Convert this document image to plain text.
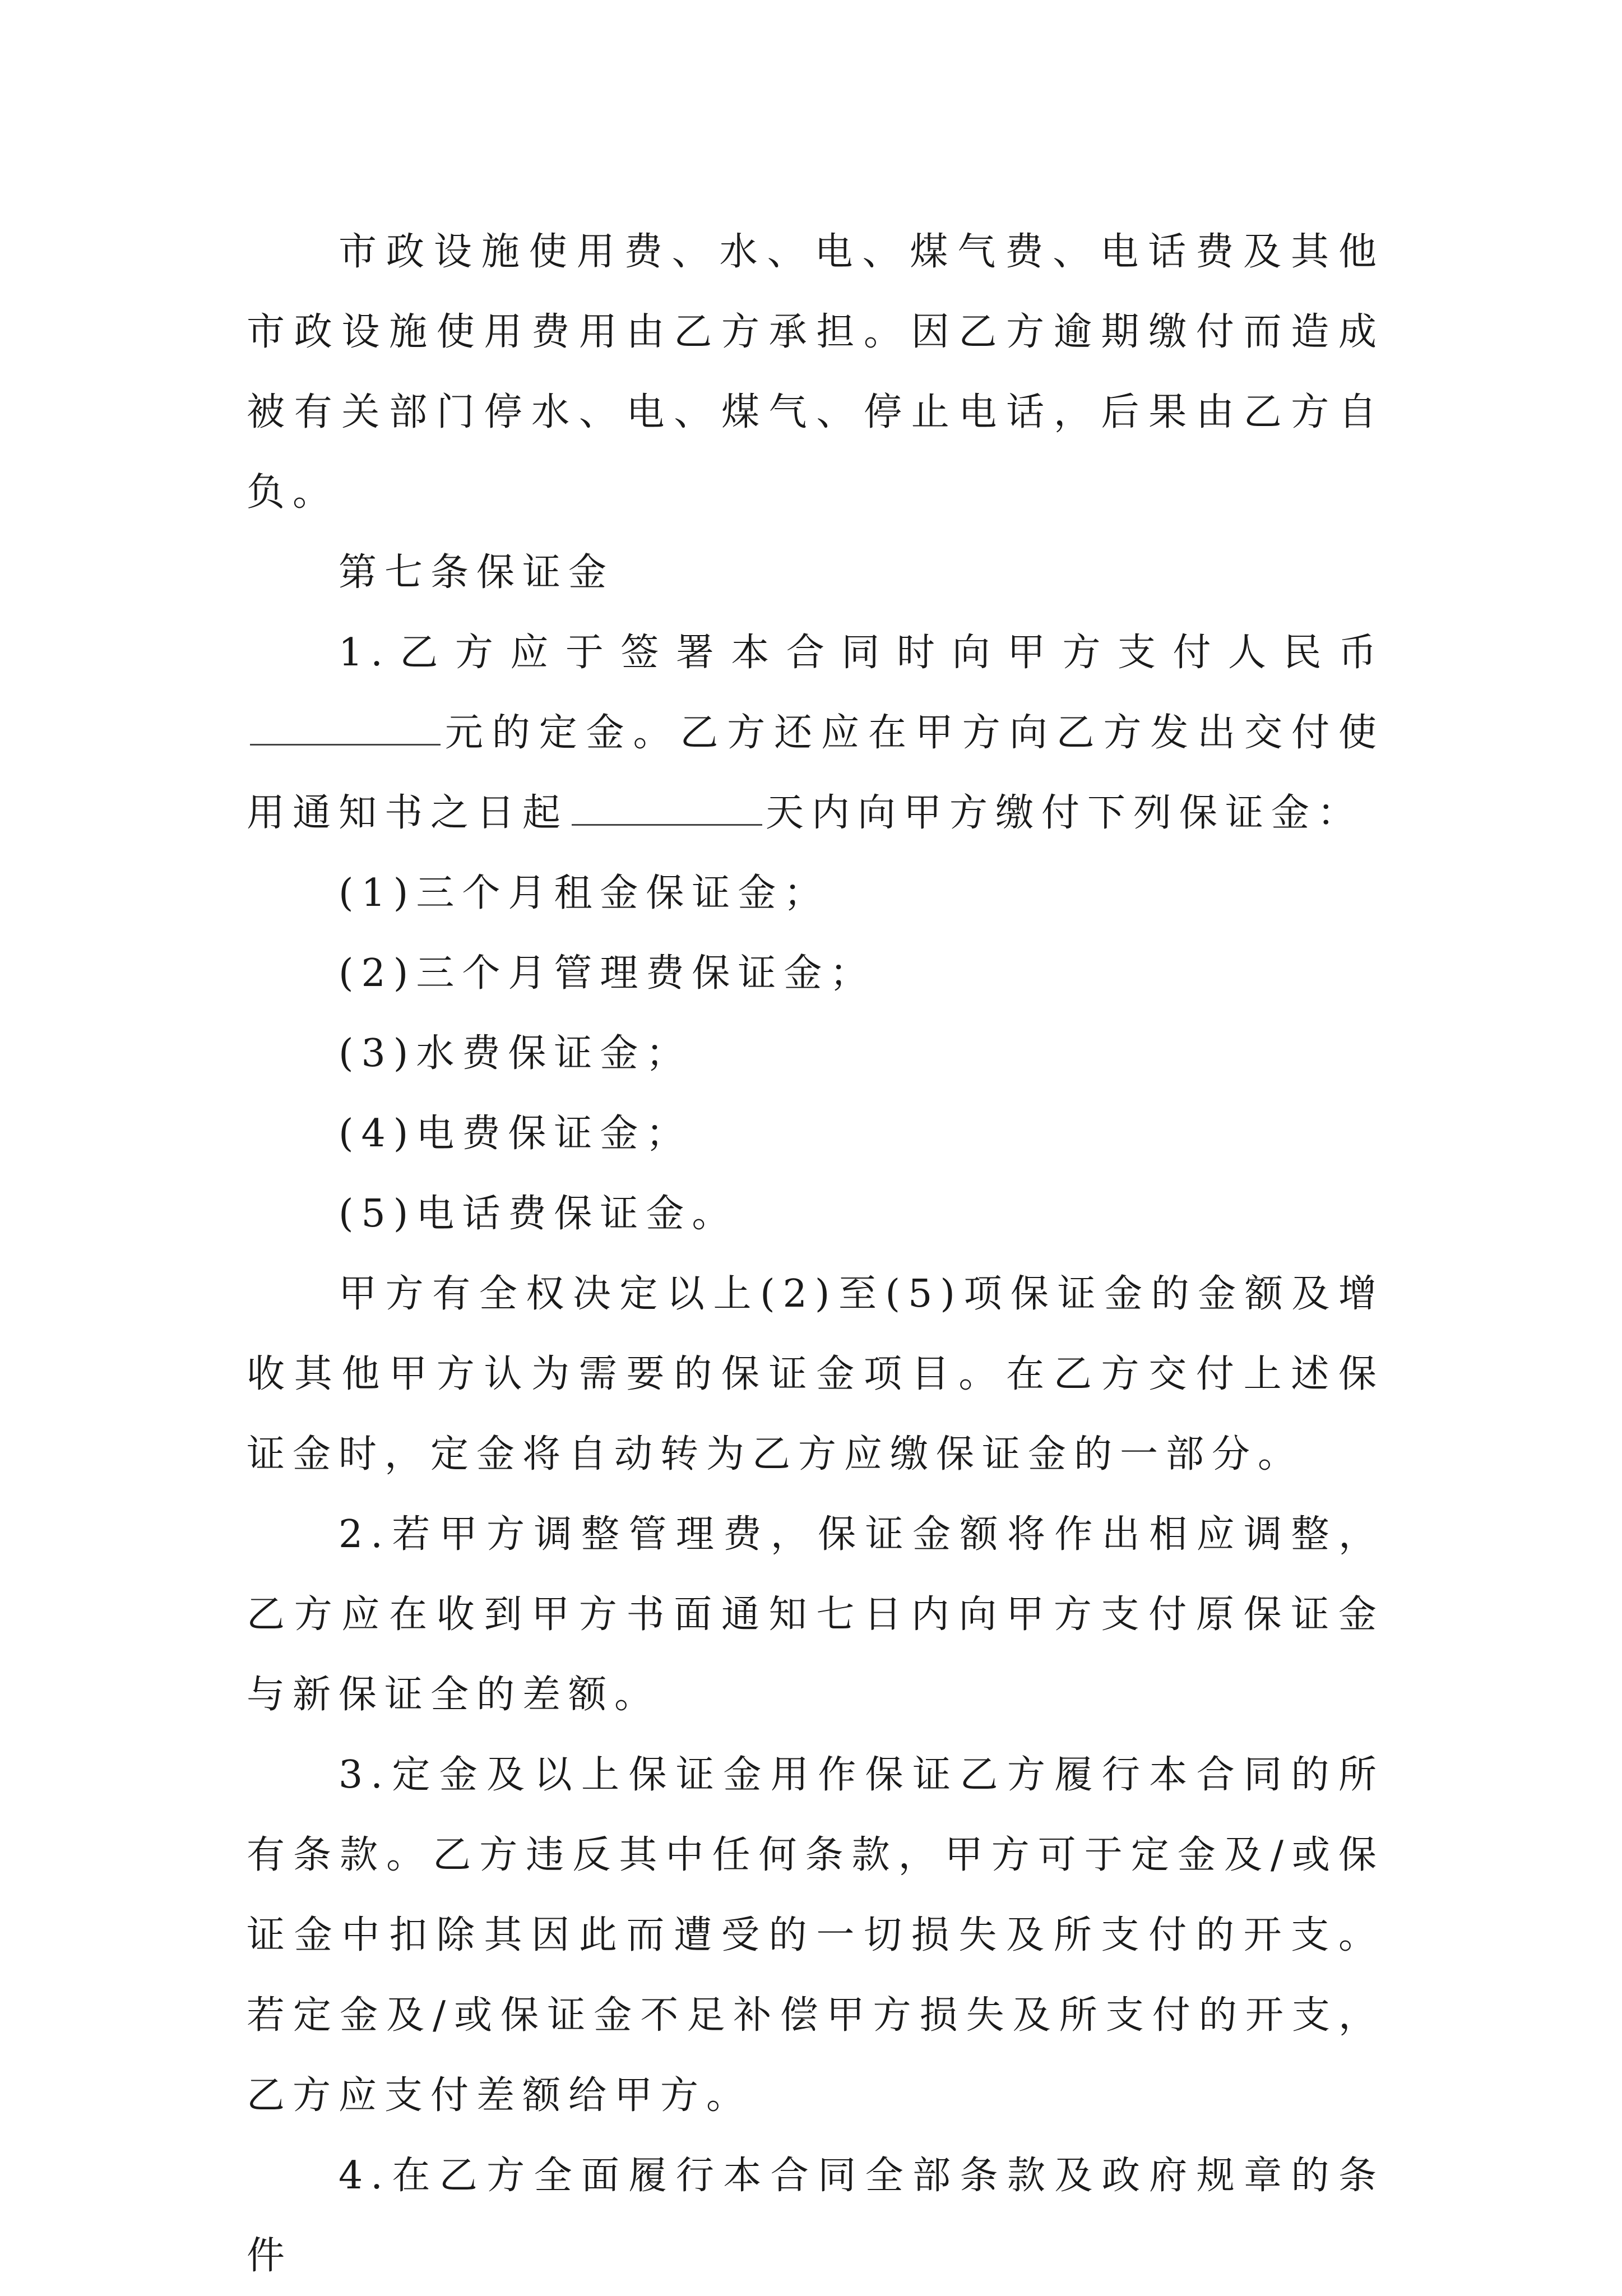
市政设施使用费、水、电、煤气费、电话费及其他市政设施使用费用由乙方承担。因乙方逾期缴付而造成被有关部门停水、电、煤气、停止电话，后果由乙方自负。

第七条保证金

1.乙方应于签署本合同时向甲方支付人民币元的定金。乙方还应在甲方向乙方发出交付使用通知书之日起	天内向甲方缴付下列保证金：

(1)三个月租金保证金；

(2)三个月管理费保证金；

(3)水费保证金；

(4)电费保证金；

(5)电话费保证金。

甲方有全权决定以上(2)至(5)项保证金的金额及增收其他甲方认为需要的保证金项目。在乙方交付上述保证金时，定金将自动转为乙方应缴保证金的一部分。

2.若甲方调整管理费，保证金额将作出相应调整，乙方应在收到甲方书面通知七日内向甲方支付原保证金与新保证全的差额。

3.定金及以上保证金用作保证乙方履行本合同的所有条款。乙方违反其中任何条款，甲方可于定金及/或保证金中扣除其因此而遭受的一切损失及所支付的开支。若定金及/或保证金不足补偿甲方损失及所支付的开支，乙方应支付差额给甲方。

4.在乙方全面履行本合同全部条款及政府规章的条件
